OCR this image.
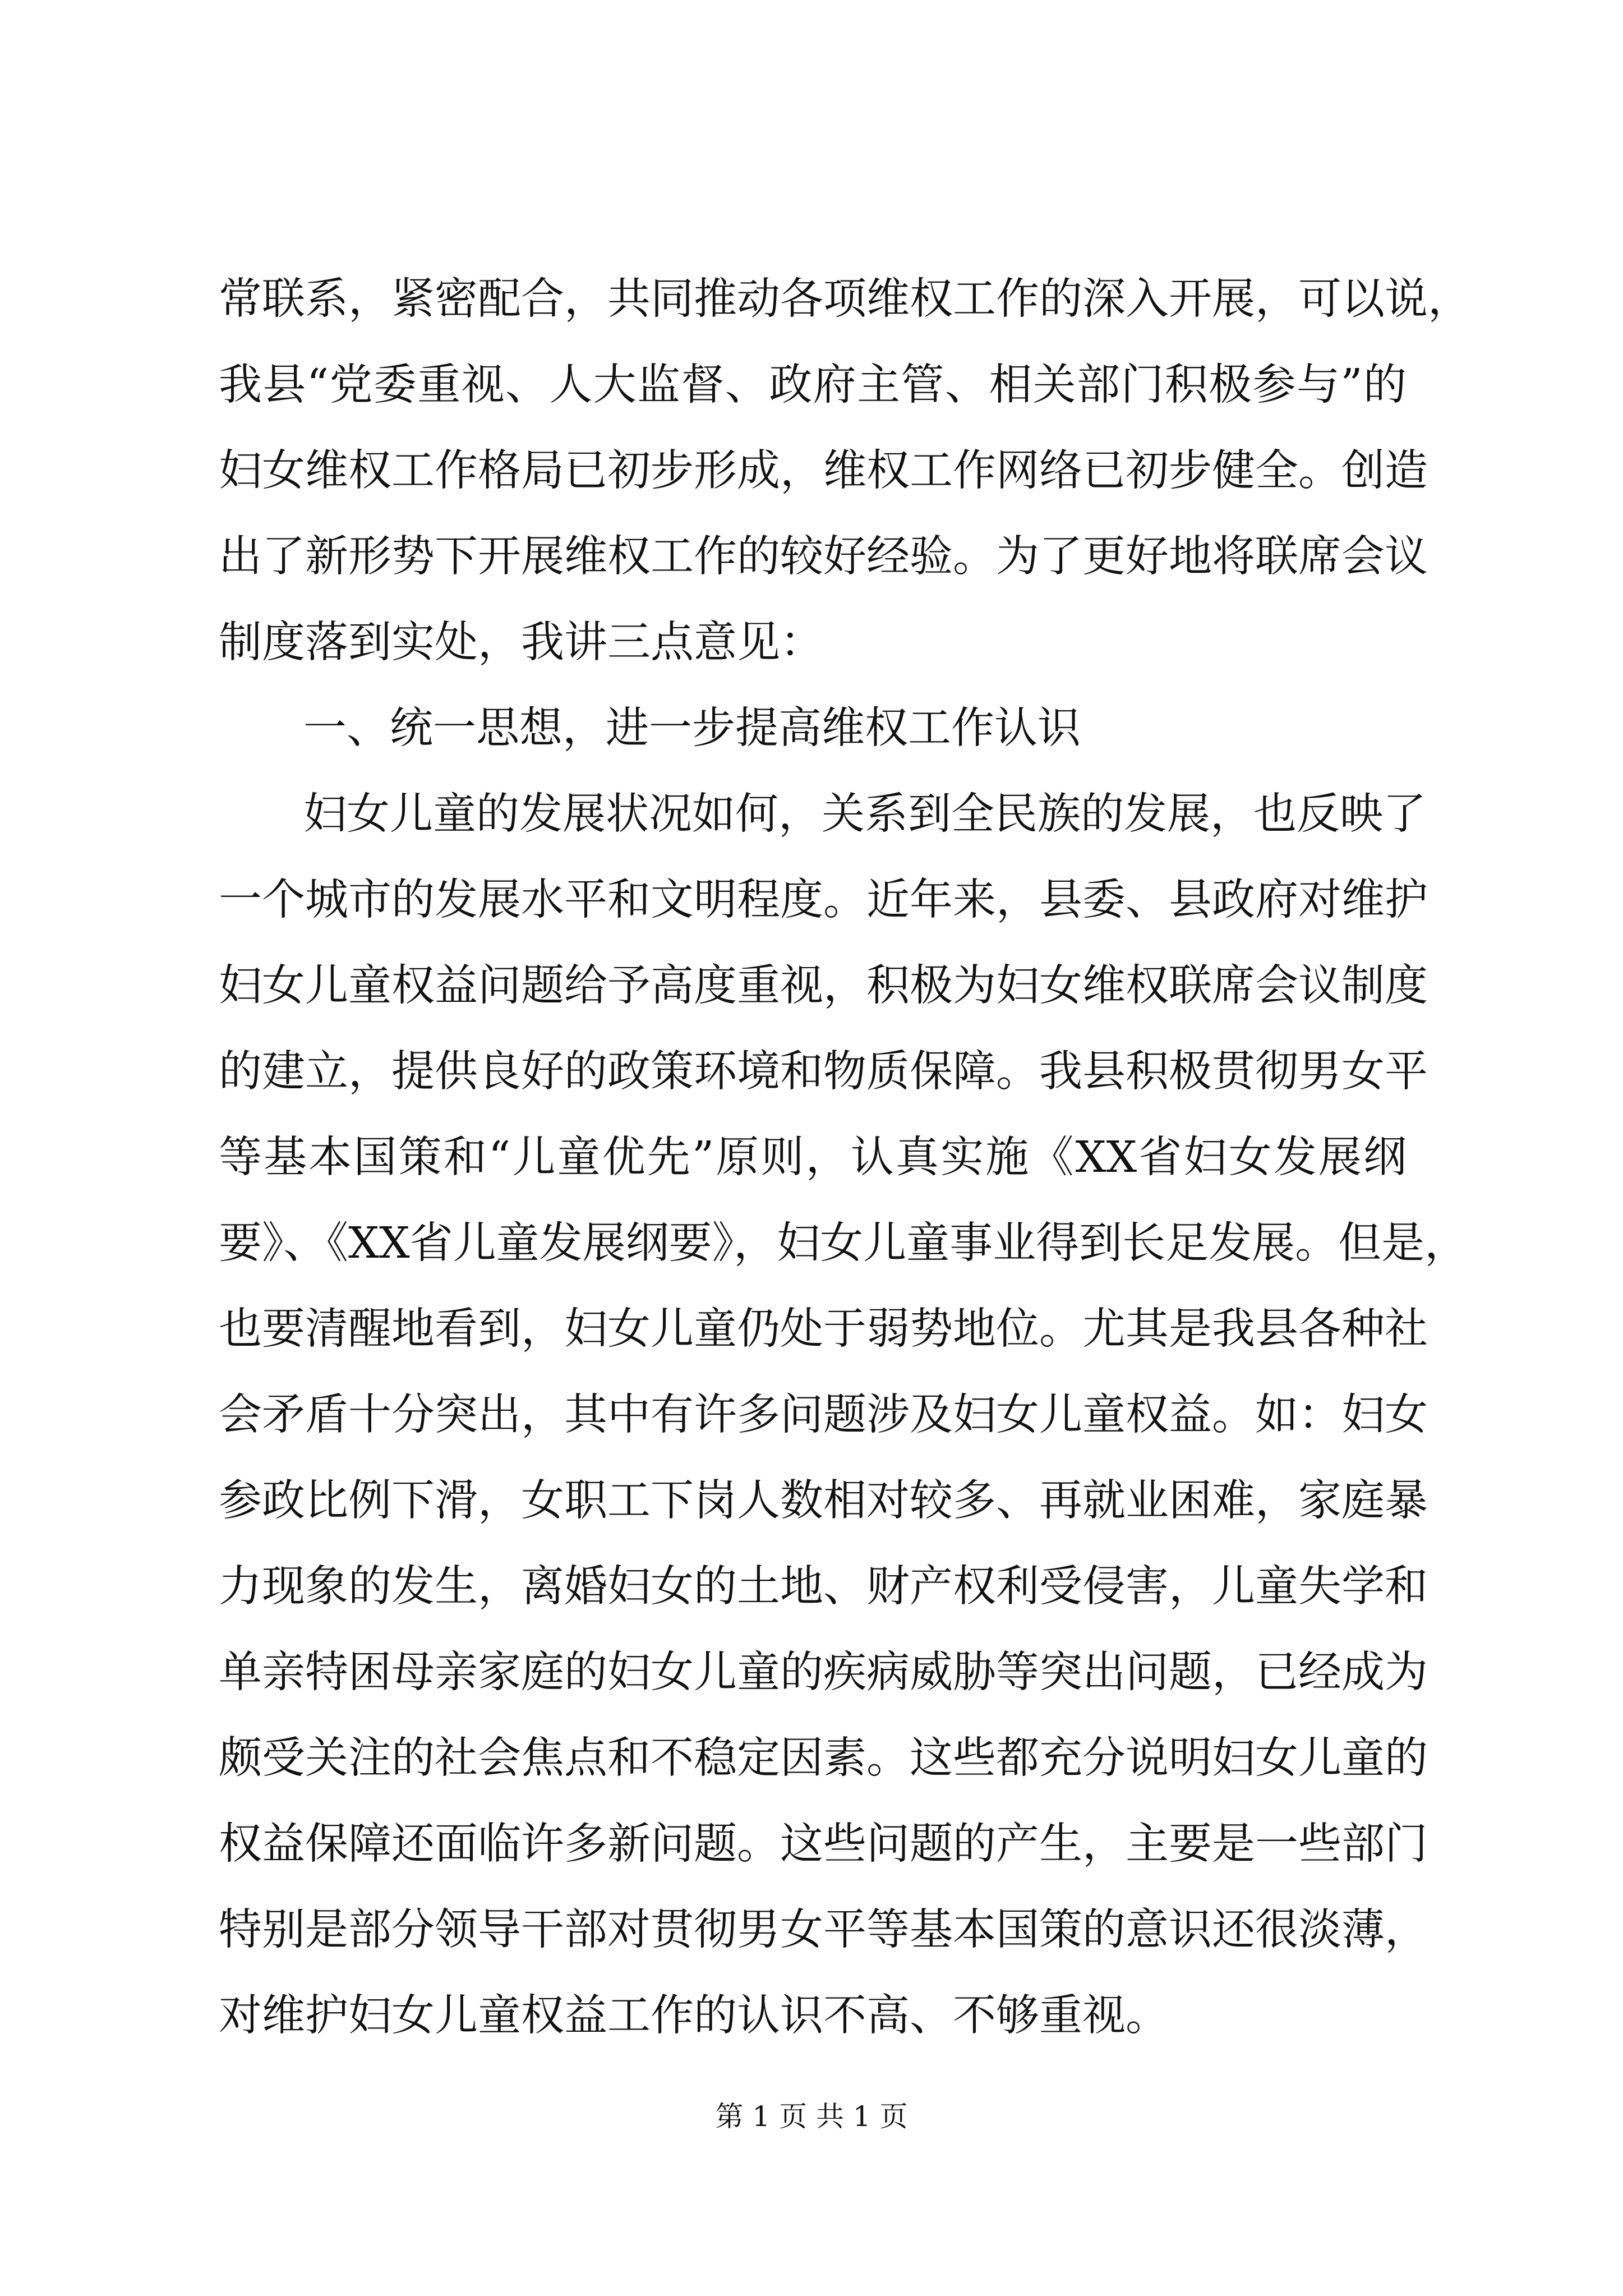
常联系，紧密配合，共同推动各项维权工作的深入开展，可以说，
我县“党委重视、人大监督、政府主管、相关部门积极参与”的
妇女维权工作格局已初步形成，维权工作网络已初步健全。创造
出了新形势下开展维权工作的较好经验。为了更好地将联席会议
制度落到实处，我讲三点意见：
一、统一思想，进一步提高维权工作认识
妇女儿童的发展状况如何，关系到全民族的发展，也反映了
一个城市的发展水平和文明程度。近年来，县委、县政府对维护
妇女儿童权益问题给予高度重视，积极为妇女维权联席会议制度
的建立，提供良好的政策环境和物质保障。我县积极贯彻男女平
等基本国策和“儿童优先”原则，认真实施《XX省妇女发展纲
要》、《XX省儿童发展纲要》，妇女儿童事业得到长足发展。但是，
也要清醒地看到，妇女儿童仍处于弱势地位。尤其是我县各种社
会矛盾十分突出，其中有许多问题涉及妇女儿童权益。如：妇女
参政比例下滑，女职工下岗人数相对较多、再就业困难，家庭暴
力现象的发生，离婚妇女的土地、财产权利受侵害，儿童失学和
单亲特困母亲家庭的妇女儿童的疾病威胁等突出问题，已经成为
颇受关注的社会焦点和不稳定因素。这些都充分说明妇女儿童的
权益保障还面临许多新问题。这些问题的产生，主要是一些部门
特别是部分领导干部对贯彻男女平等基本国策的意识还很淡薄，
对维护妇女儿童权益工作的认识不高、不够重视。
第 1 页 共 1 页
